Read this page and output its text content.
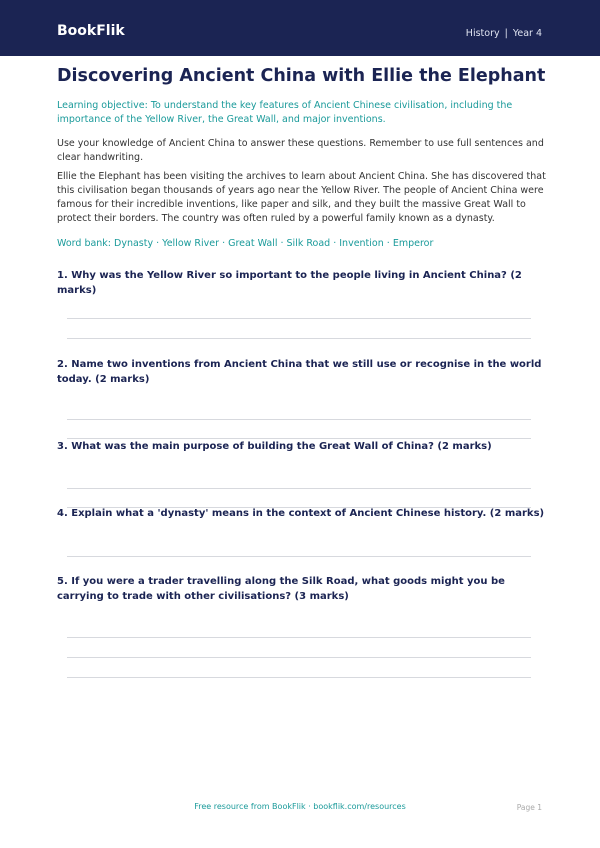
BookFlik	History | Year 4
Discovering Ancient China with Ellie the Elephant

Learning objective: To understand the key features of Ancient Chinese civilisation, including the importance of the Yellow River, the Great Wall, and major inventions.

Use your knowledge of Ancient China to answer these questions. Remember to use full sentences and clear handwriting.

Ellie the Elephant has been visiting the archives to learn about Ancient China. She has discovered that this civilisation began thousands of years ago near the Yellow River. The people of Ancient China were famous for their incredible inventions, like paper and silk, and they built the massive Great Wall to protect their borders. The country was often ruled by a powerful family known as a dynasty.

Word bank: Dynasty · Yellow River · Great Wall · Silk Road · Invention · Emperor

1. Why was the Yellow River so important to the people living in Ancient China? (2 marks)
2. Name two inventions from Ancient China that we still use or recognise in the world today. (2 marks)
3. What was the main purpose of building the Great Wall of China? (2 marks)
4. Explain what a 'dynasty' means in the context of Ancient Chinese history. (2 marks)
5. If you were a trader travelling along the Silk Road, what goods might you be carrying to trade with other civilisations? (3 marks)
Free resource from BookFlik · bookflik.com/resources	Page 1
